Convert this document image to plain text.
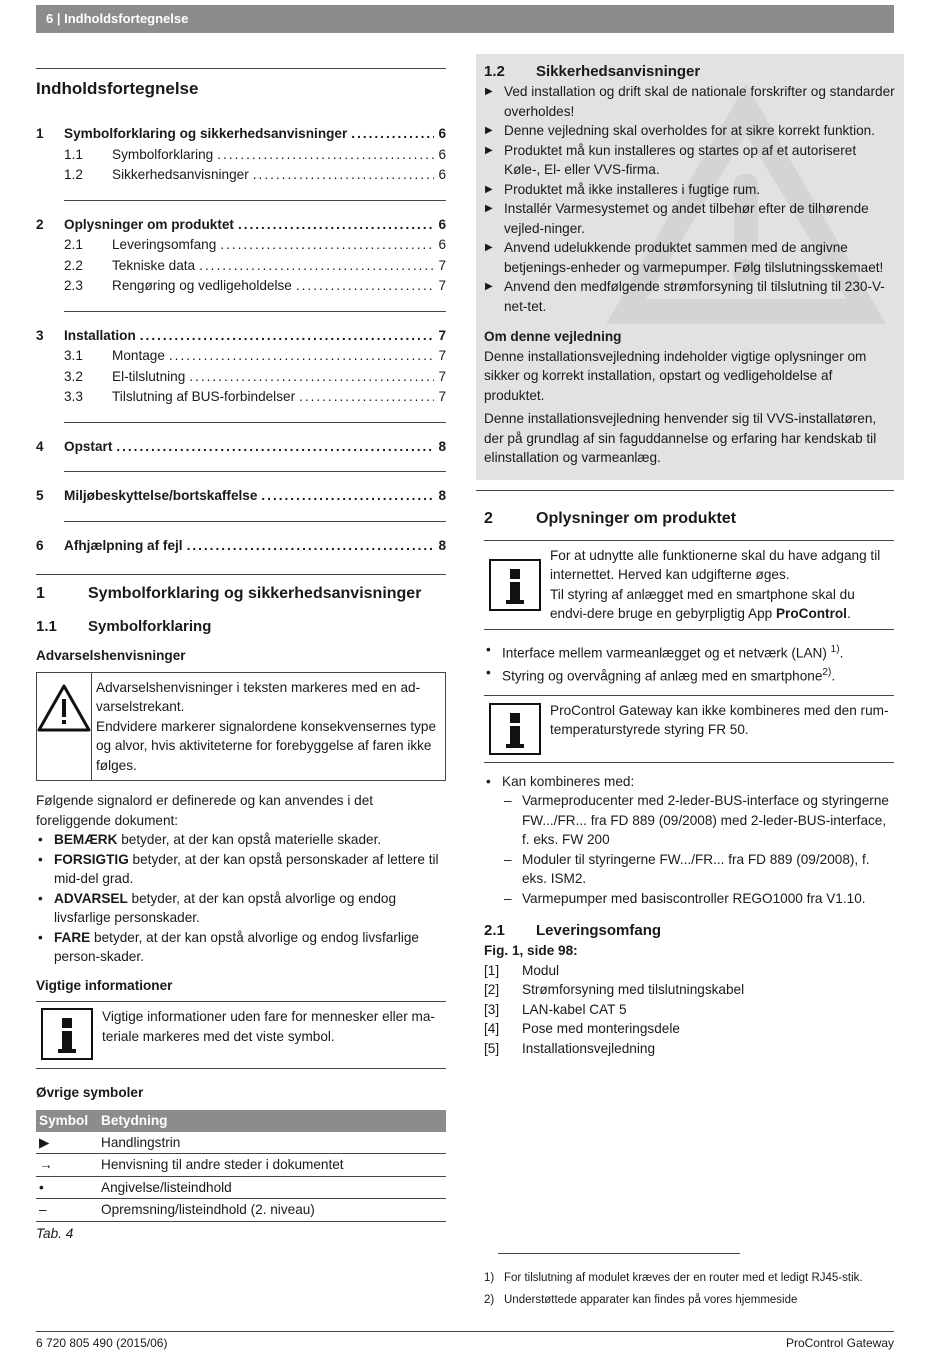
6 | Indholdsfortegnelse
Indholdsfortegnelse
1	Symbolforklaring og sikkerhedsanvisninger .....	6
1.1	Symbolforklaring .....	6
1.2	Sikkerhedsanvisninger .....	6
2	Oplysninger om produktet .....	6
2.1	Leveringsomfang .....	6
2.2	Tekniske data .....	7
2.3	Rengøring og vedligeholdelse .....	7
3	Installation .....	7
3.1	Montage .....	7
3.2	El-tilslutning .....	7
3.3	Tilslutning af BUS-forbindelser .....	7
4	Opstart .....	8
5	Miljøbeskyttelse/bortskaffelse .....	8
6	Afhjælpning af fejl .....	8
1	Symbolforklaring og sikkerhedsanvisninger
1.1	Symbolforklaring
Advarselshenvisninger
Advarselshenvisninger i teksten markeres med en ad-varselstrekant.
Endvidere markerer signalordene konsekvensernes type og alvor, hvis aktiviteterne for forebyggelse af faren ikke følges.
Følgende signalord er definerede og kan anvendes i det foreliggende dokument:
• BEMÆRK betyder, at der kan opstå materielle skader.
• FORSIGTIG betyder, at der kan opstå personskader af lettere til mid-del grad.
• ADVARSEL betyder, at der kan opstå alvorlige og endog livsfarlige personskader.
• FARE betyder, at der kan opstå alvorlige og endog livsfarlige person-skader.
Vigtige informationer
Vigtige informationer uden fare for mennesker eller ma-teriale markeres med det viste symbol.
Øvrige symboler
Symbol	Betydning
▶	Handlingstrin
→	Henvisning til andre steder i dokumentet
•	Angivelse/listeindhold
–	Opremsning/listeindhold (2. niveau)
Tab. 4
1.2	Sikkerhedsanvisninger
▶ Ved installation og drift skal de nationale forskrifter og standarder overholdes!
▶ Denne vejledning skal overholdes for at sikre korrekt funktion.
▶ Produktet må kun installeres og startes op af et autoriseret Køle-, El- eller VVS-firma.
▶ Produktet må ikke installeres i fugtige rum.
▶ Installér Varmesystemet og andet tilbehør efter de tilhørende vejled-ninger.
▶ Anvend udelukkende produktet sammen med de angivne betjenings-enheder og varmepumper. Følg tilslutningsskemaet!
▶ Anvend den medfølgende strømforsyning til tilslutning til 230-V-net-tet.
Om denne vejledning
Denne installationsvejledning indeholder vigtige oplysninger om sikker og korrekt installation, opstart og vedligeholdelse af produktet.
Denne installationsvejledning henvender sig til VVS-installatøren, der på grundlag af sin faguddannelse og erfaring har kendskab til elinstallation og varmeanlæg.
2	Oplysninger om produktet
For at udnytte alle funktionerne skal du have adgang til internettet. Herved kan udgifterne øges.
Til styring af anlægget med en smartphone skal du endvi-dere bruge en gebyrpligtig App ProControl.
• Interface mellem varmeanlægget og et netværk (LAN) $^{1)}$.
• Styring og overvågning af anlæg med en smartphone$^{2)}$.
ProControl Gateway kan ikke kombineres med den rum-temperaturstyrede styring FR 50.
• Kan kombineres med:
– Varmeproducenter med 2-leder-BUS-interface og styringerne FW.../FR... fra FD 889 (09/2008) med 2-leder-BUS-interface, f. eks. FW 200
– Moduler til styringerne FW.../FR... fra FD 889 (09/2008), f. eks. ISM2.
– Varmepumper med basiscontroller REGO1000 fra V1.10.
2.1	Leveringsomfang
Fig. 1, side 98:
[1]	Modul
[2]	Strømforsyning med tilslutningskabel
[3]	LAN-kabel CAT 5
[4]	Pose med monteringsdele
[5]	Installationsvejledning
1) For tilslutning af modulet kræves der en router med et ledigt RJ45-stik.
2) Understøttede apparater kan findes på vores hjemmeside
6 720 805 490 (2015/06)	ProControl Gateway
